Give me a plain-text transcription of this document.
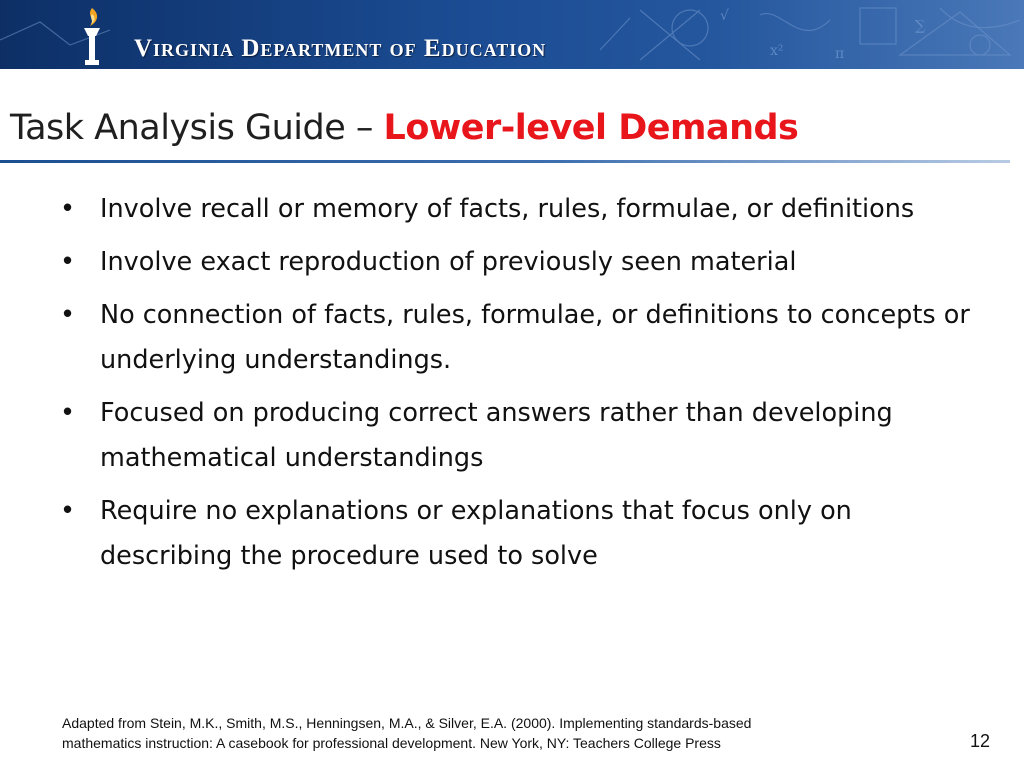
√
π
∑
x²
Virginia Department of Education
Task Analysis Guide – Lower-level Demands
• Involve recall or memory of facts, rules, formulae, or definitions
• Involve exact reproduction of previously seen material
• No connection of facts, rules, formulae, or definitions to concepts or underlying understandings.
• Focused on producing correct answers rather than developing mathematical understandings
• Require no explanations or explanations that focus only on describing the procedure used to solve
Adapted from Stein, M.K., Smith, M.S., Henningsen, M.A., & Silver, E.A. (2000). Implementing standards-based
mathematics instruction: A casebook for professional development. New York, NY: Teachers College Press	12
